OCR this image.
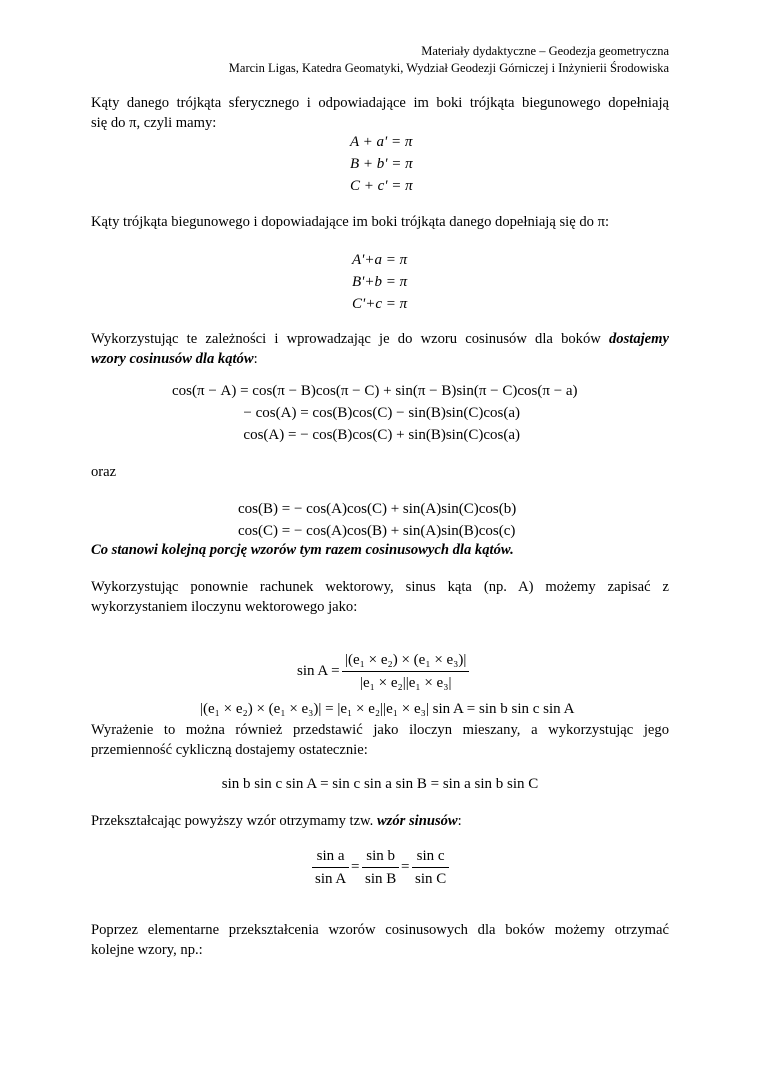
Materiały dydaktyczne – Geodezja geometryczna
Marcin Ligas, Katedra Geomatyki, Wydział Geodezji Górniczej i Inżynierii Środowiska
Kąty danego trójkąta sferycznego i odpowiadające im boki trójkąta biegunowego dopełniają
się do π, czyli mamy:
A + a' = π
B + b' = π
C + c' = π
Kąty trójkąta biegunowego i dopowiadające im boki trójkąta danego dopełniają się do π:
A'+a = π
B'+b = π
C'+c = π
Wykorzystując te zależności i wprowadzając je do wzoru cosinusów dla boków dostajemy
wzory cosinusów dla kątów:
cos(π − A) = cos(π − B)cos(π − C) + sin(π − B)sin(π − C)cos(π − a)
− cos(A) = cos(B)cos(C) − sin(B)sin(C)cos(a)
cos(A) = − cos(B)cos(C) + sin(B)sin(C)cos(a)
oraz
cos(B) = − cos(A)cos(C) + sin(A)sin(C)cos(b)
cos(C) = − cos(A)cos(B) + sin(A)sin(B)cos(c)
Co stanowi kolejną porcję wzorów tym razem cosinusowych dla kątów.
Wykorzystując ponownie rachunek wektorowy, sinus kąta (np. A) możemy zapisać z
wykorzystaniem iloczynu wektorowego jako:
sin A =
|(e₁ × e₂) × (e₁ × e₃)|
|e₁ × e₂||e₁ × e₃|
|(e₁ × e₂) × (e₁ × e₃)| = |e₁ × e₂||e₁ × e₃| sin A = sin b sin c sin A
Wyrażenie to można również przedstawić jako iloczyn mieszany, a wykorzystując jego
przemienność cykliczną dostajemy ostatecznie:
sin b sin c sin A = sin c sin a sin B = sin a sin b sin C
Przekształcając powyższy wzór otrzymamy tzw. wzór sinusów:
sin a
sin A
=
sin b
sin B
=
sin c
sin C
Poprzez elementarne przekształcenia wzorów cosinusowych dla boków możemy otrzymać
kolejne wzory, np.:
